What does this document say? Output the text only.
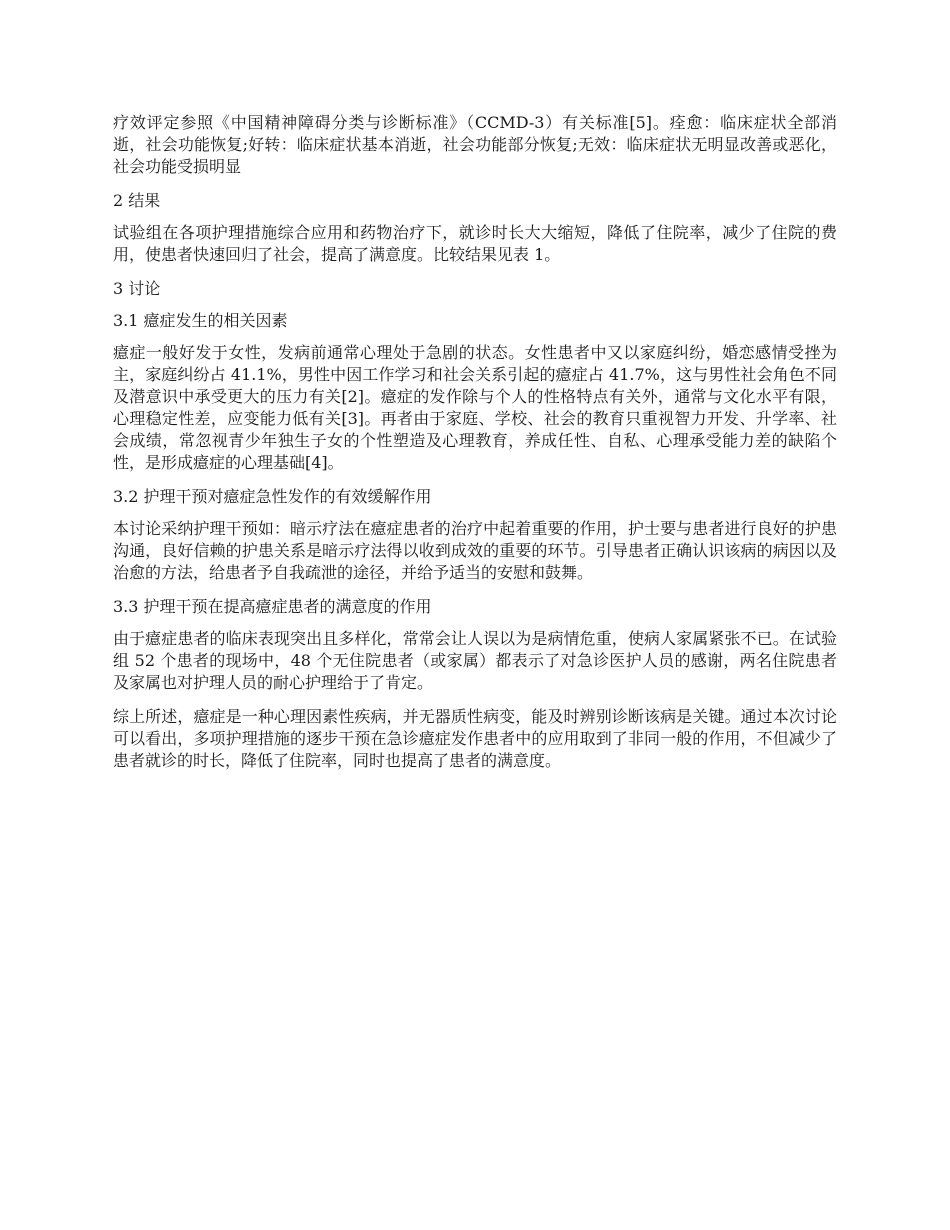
疗效评定参照《中国精神障碍分类与诊断标准》（CCMD-3）有关标准[5]。痊愈：临床症状全部消逝，社会功能恢复;好转：临床症状基本消逝，社会功能部分恢复;无效：临床症状无明显改善或恶化，社会功能受损明显

2 结果

试验组在各项护理措施综合应用和药物治疗下，就诊时长大大缩短，降低了住院率，减少了住院的费用，使患者快速回归了社会，提高了满意度。比较结果见表 1。

3 讨论
3.1 癔症发生的相关因素

癔症一般好发于女性，发病前通常心理处于急剧的状态。女性患者中又以家庭纠纷，婚恋感情受挫为主，家庭纠纷占 41.1%，男性中因工作学习和社会关系引起的癔症占 41.7%，这与男性社会角色不同及潜意识中承受更大的压力有关[2]。癔症的发作除与个人的性格特点有关外，通常与文化水平有限，心理稳定性差，应变能力低有关[3]。再者由于家庭、学校、社会的教育只重视智力开发、升学率、社会成绩，常忽视青少年独生子女的个性塑造及心理教育，养成任性、自私、心理承受能力差的缺陷个性，是形成癔症的心理基础[4]。

3.2 护理干预对癔症急性发作的有效缓解作用

本讨论采纳护理干预如：暗示疗法在癔症患者的治疗中起着重要的作用，护士要与患者进行良好的护患沟通，良好信赖的护患关系是暗示疗法得以收到成效的重要的环节。引导患者正确认识该病的病因以及治愈的方法，给患者予自我疏泄的途径，并给予适当的安慰和鼓舞。

3.3 护理干预在提高癔症患者的满意度的作用

由于癔症患者的临床表现突出且多样化，常常会让人误以为是病情危重，使病人家属紧张不已。在试验组 52 个患者的现场中，48 个无住院患者（或家属）都表示了对急诊医护人员的感谢，两名住院患者及家属也对护理人员的耐心护理给于了肯定。

综上所述，癔症是一种心理因素性疾病，并无器质性病变，能及时辨别诊断该病是关键。通过本次讨论可以看出，多项护理措施的逐步干预在急诊癔症发作患者中的应用取到了非同一般的作用，不但减少了患者就诊的时长，降低了住院率，同时也提高了患者的满意度。
